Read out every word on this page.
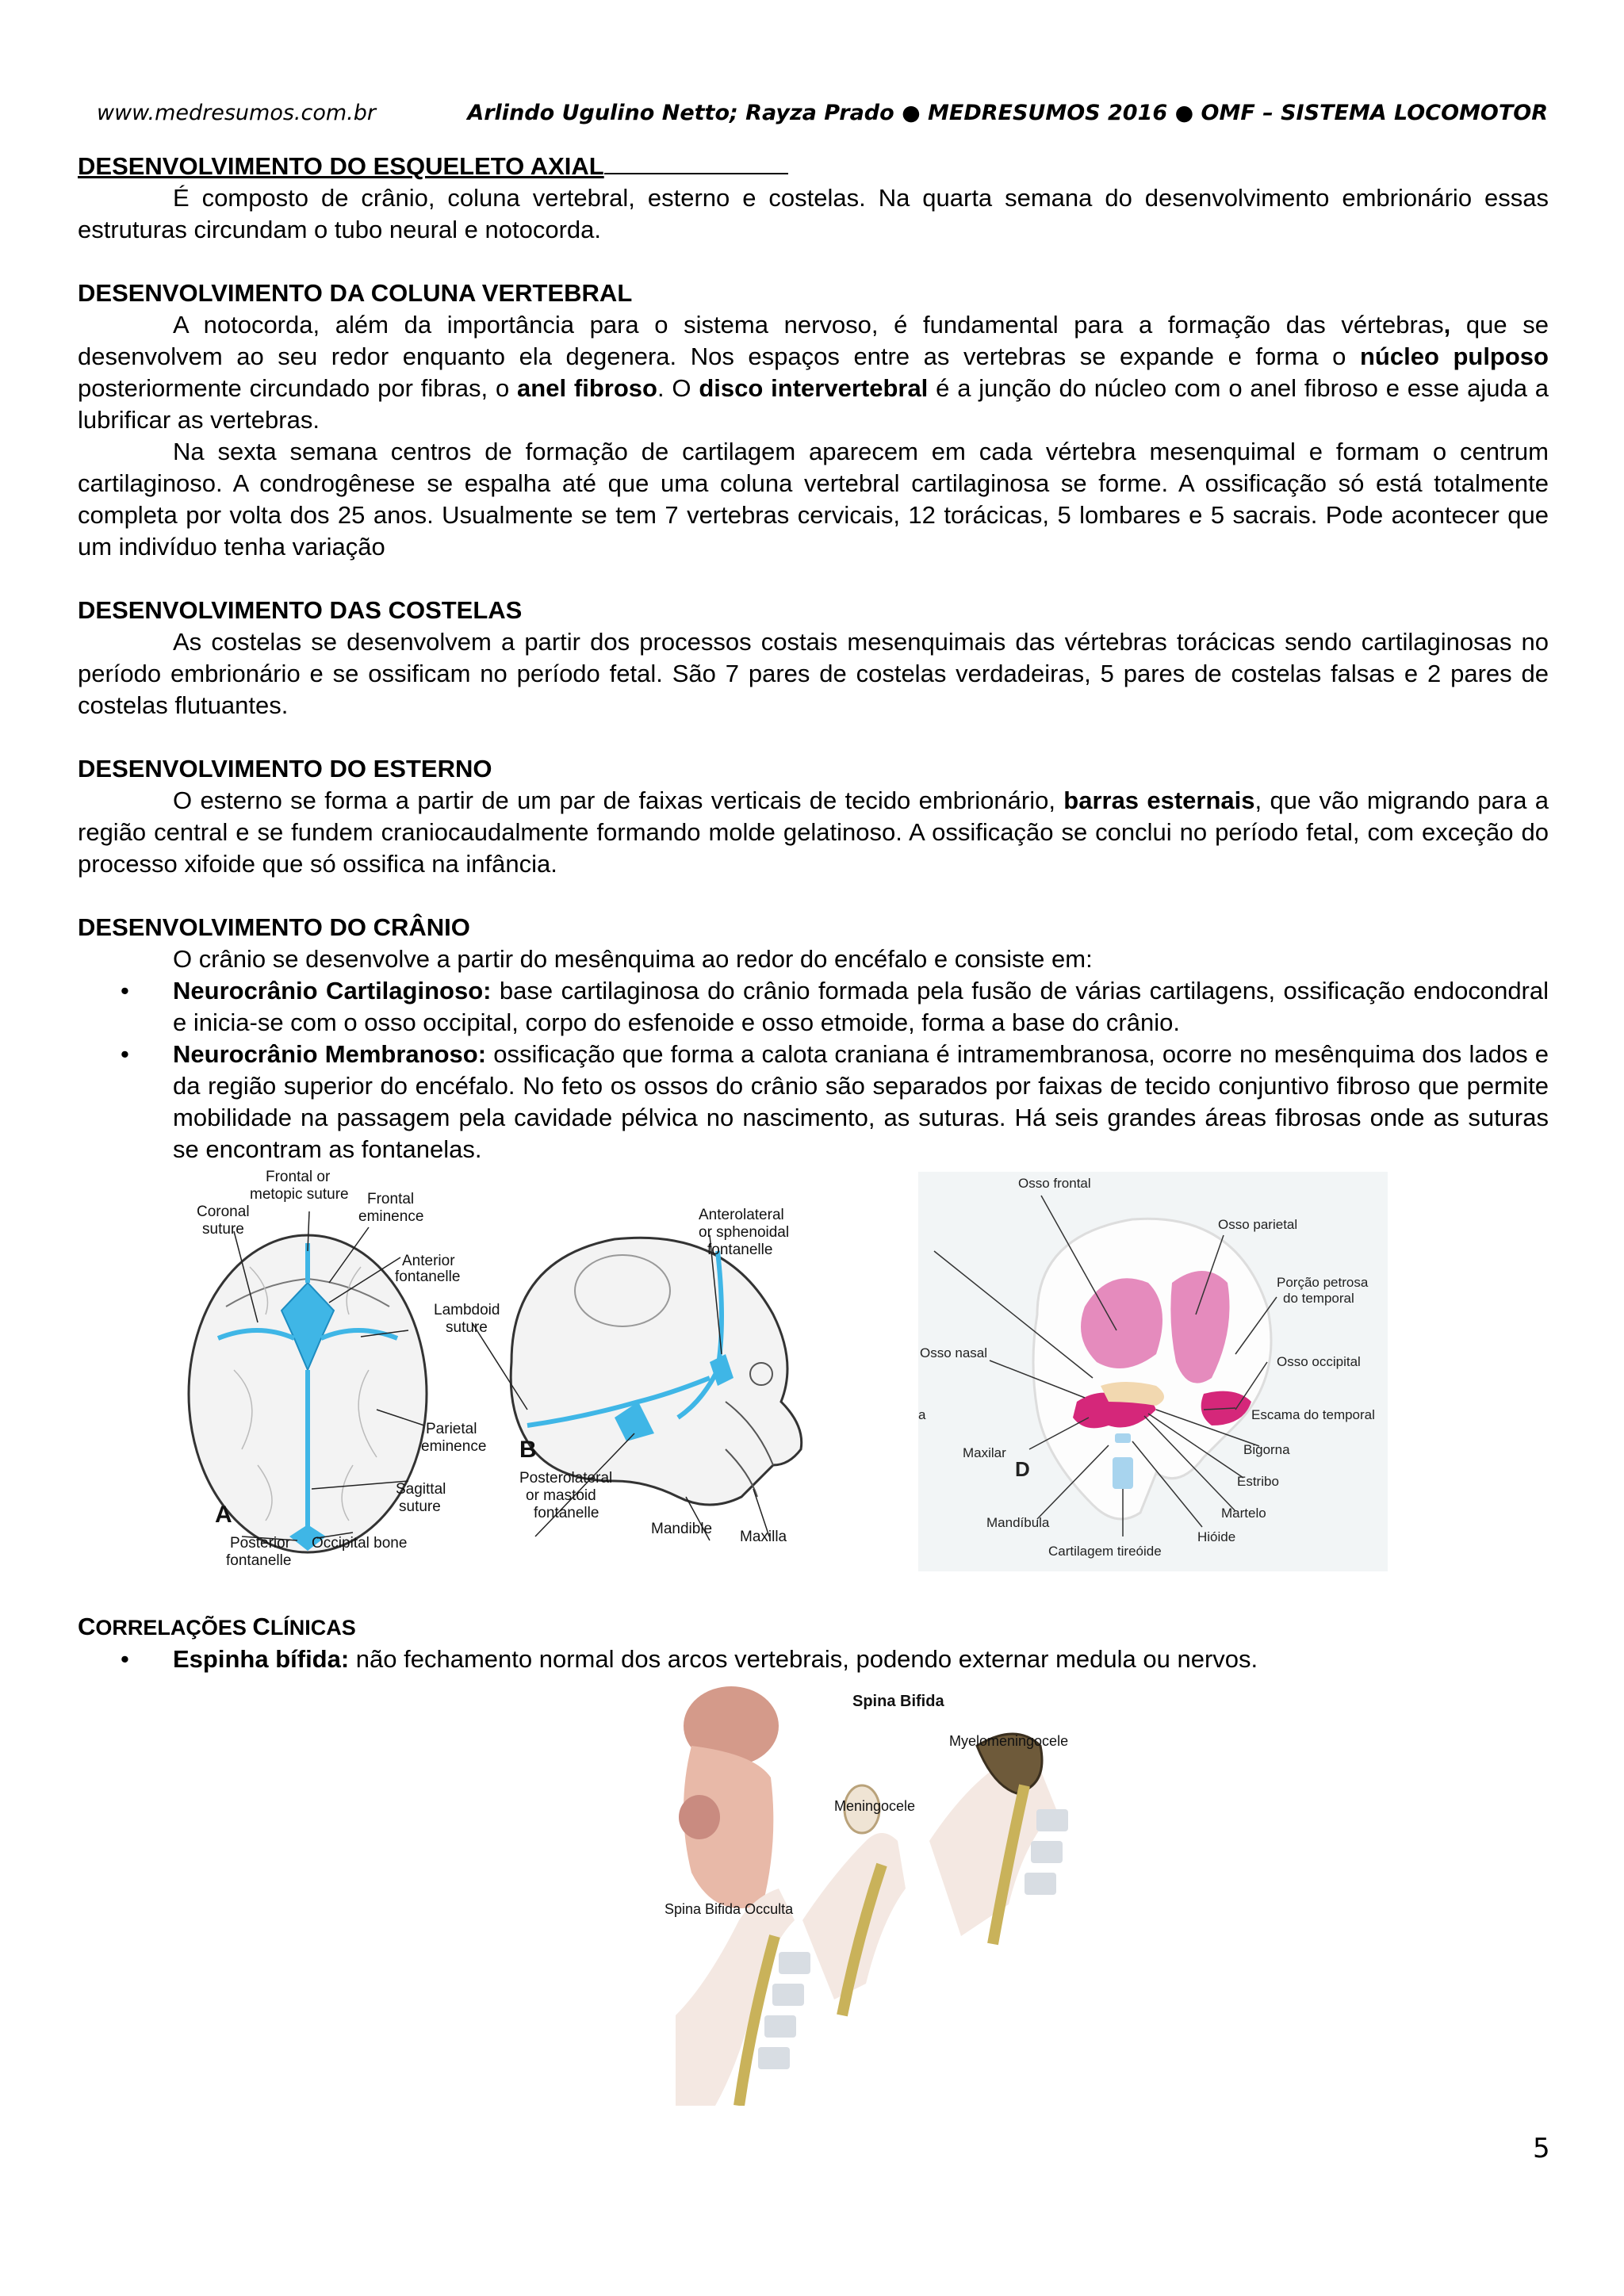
www.medresumos.com.br	Arlindo Ugulino Netto; Rayza Prado ● MEDRESUMOS 2016 ● OMF – SISTEMA LOCOMOTOR
DESENVOLVIMENTO DO ESQUELETO AXIAL

É composto de crânio, coluna vertebral, esterno e costelas. Na quarta semana do desenvolvimento embrionário essas estruturas circundam o tubo neural e notocorda.

DESENVOLVIMENTO DA COLUNA VERTEBRAL

A notocorda, além da importância para o sistema nervoso, é fundamental para a formação das vértebras, que se desenvolvem ao seu redor enquanto ela degenera. Nos espaços entre as vertebras se expande e forma o núcleo pulposo posteriormente circundado por fibras, o anel fibroso. O disco intervertebral é a junção do núcleo com o anel fibroso e esse ajuda a lubrificar as vertebras.

Na sexta semana centros de formação de cartilagem aparecem em cada vértebra mesenquimal e formam o centrum cartilaginoso. A condrogênese se espalha até que uma coluna vertebral cartilaginosa se forme. A ossificação só está totalmente completa por volta dos 25 anos. Usualmente se tem 7 vertebras cervicais, 12 torácicas, 5 lombares e 5 sacrais. Pode acontecer que um indivíduo tenha variação

DESENVOLVIMENTO DAS COSTELAS

As costelas se desenvolvem a partir dos processos costais mesenquimais das vértebras torácicas sendo cartilaginosas no período embrionário e se ossificam no período fetal. São 7 pares de costelas verdadeiras, 5 pares de costelas falsas e 2 pares de costelas flutuantes.

DESENVOLVIMENTO DO ESTERNO

O esterno se forma a partir de um par de faixas verticais de tecido embrionário, barras esternais, que vão migrando para a região central e se fundem craniocaudalmente formando molde gelatinoso. A ossificação se conclui no período fetal, com exceção do processo xifoide que só ossifica na infância.

DESENVOLVIMENTO DO CRÂNIO

O crânio se desenvolve a partir do mesênquima ao redor do encéfalo e consiste em:

• Neurocrânio Cartilaginoso: base cartilaginosa do crânio formada pela fusão de várias cartilagens, ossificação endocondral e inicia-se com o osso occipital, corpo do esfenoide e osso etmoide, forma a base do crânio.
• Neurocrânio Membranoso: ossificação que forma a calota craniana é intramembranosa, ocorre no mesênquima dos lados e da região superior do encéfalo. No feto os ossos do crânio são separados por faixas de tecido conjuntivo fibroso que permite mobilidade na passagem pela cavidade pélvica no nascimento, as suturas. Há seis grandes áreas fibrosas onde as suturas se encontram as fontanelas.
Frontal or
metopic suture Frontal
eminence
Coronal
suture
Anterior
fontanelle
Anterolateral
or sphenoidal
fontanelle
Lambdoid
suture
Parietal
eminence
Sagittal
suture
Posterior
fontanelle
Occipital bone
Posterolateral
or mastoid
fontanelle
Mandible Maxilla
A
B
Osso frontal
Osso parietal
Porção petrosa
do temporal
Osso nasal
Osso occipital
a	Escama do temporal
Maxilar
D
Bigorna
Estribo
Martelo
Mandíbula
Hióide
Cartilagem tireóide
CORRELAÇÕES CLÍNICAS
• Espinha bífida: não fechamento normal dos arcos vertebrais, podendo externar medula ou nervos.
Spina Bifida
Myelomeningocele
Meningocele
Spina Bifida Occulta
5
